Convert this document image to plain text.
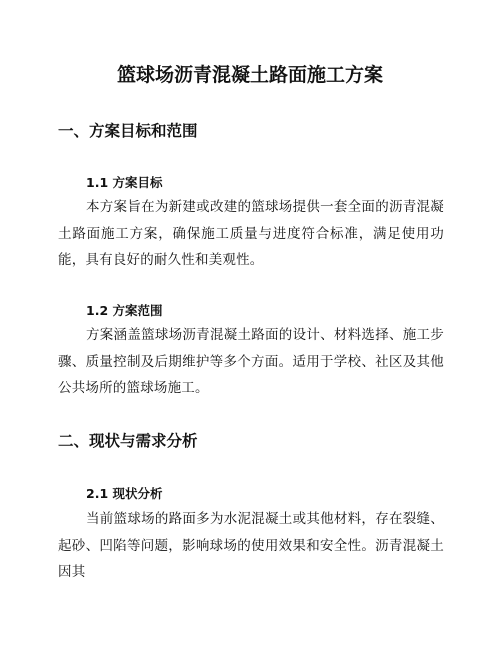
篮球场沥青混凝土路面施工方案
一、方案目标和范围
1.1 方案目标

本方案旨在为新建或改建的篮球场提供一套全面的沥青混凝土路面施工方案，确保施工质量与进度符合标准，满足使用功能，具有良好的耐久性和美观性。

1.2 方案范围

方案涵盖篮球场沥青混凝土路面的设计、材料选择、施工步骤、质量控制及后期维护等多个方面。适用于学校、社区及其他公共场所的篮球场施工。

二、现状与需求分析
2.1 现状分析

当前篮球场的路面多为水泥混凝土或其他材料，存在裂缝、起砂、凹陷等问题，影响球场的使用效果和安全性。沥青混凝土因其
